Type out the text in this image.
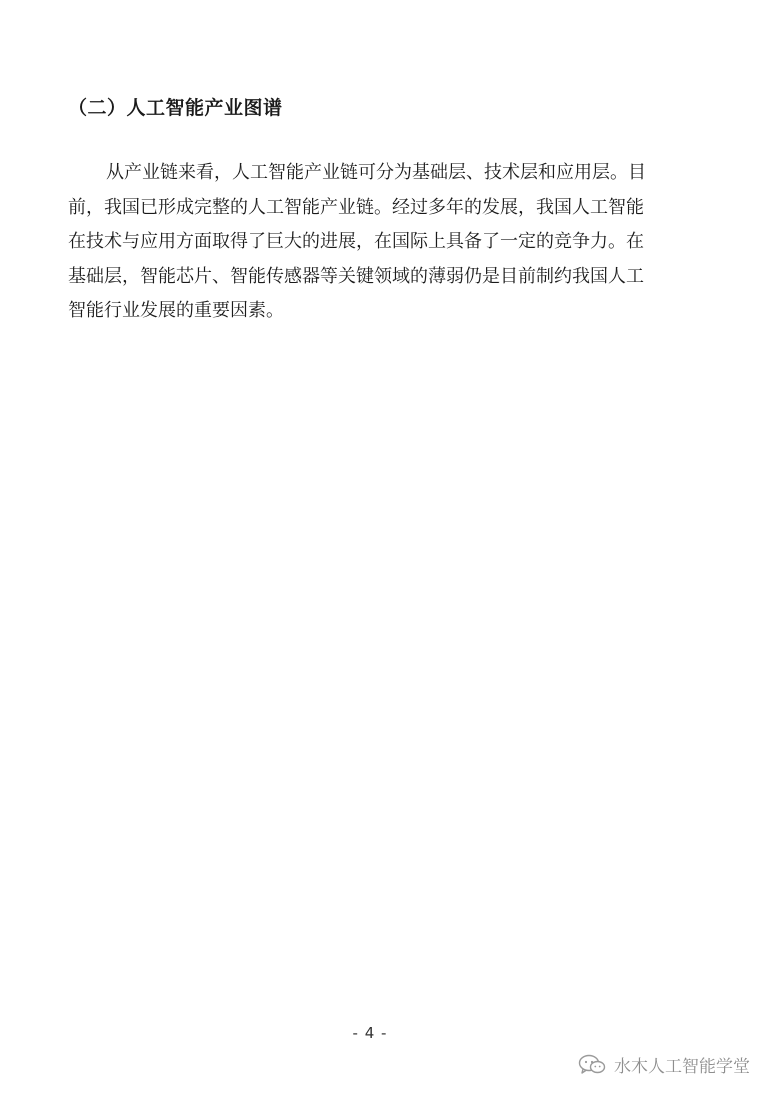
（二）人工智能产业图谱
从产业链来看，人工智能产业链可分为基础层、技术层和应用层。目
前，我国已形成完整的人工智能产业链。经过多年的发展，我国人工智能
在技术与应用方面取得了巨大的进展，在国际上具备了一定的竞争力。在
基础层，智能芯片、智能传感器等关键领域的薄弱仍是目前制约我国人工
智能行业发展的重要因素。
- 4 -
水木人工智能学堂
